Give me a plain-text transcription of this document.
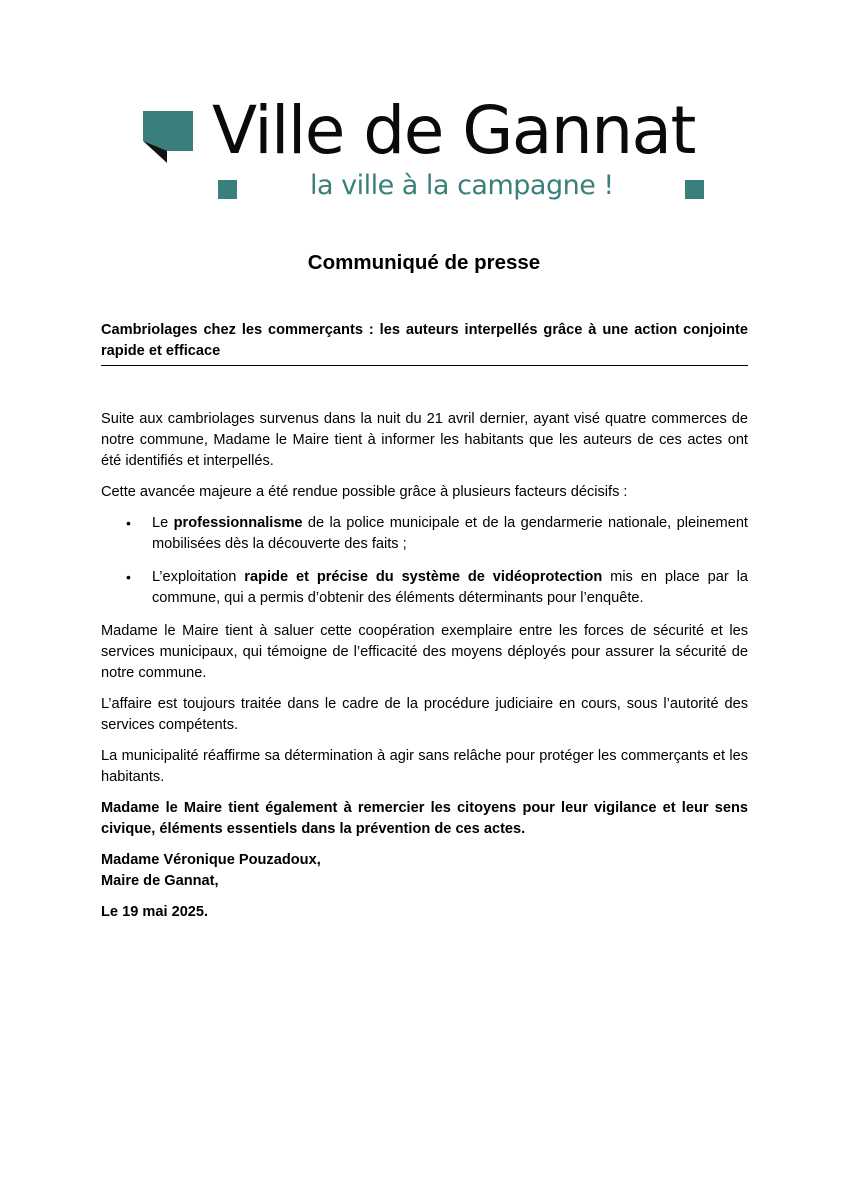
Ville de Gannat
la ville à la campagne !
Communiqué de presse

Cambriolages chez les commerçants : les auteurs interpellés grâce à une action conjointe rapide et efficace

Suite aux cambriolages survenus dans la nuit du 21 avril dernier, ayant visé quatre commerces de notre commune, Madame le Maire tient à informer les habitants que les auteurs de ces actes ont été identifiés et interpellés.

Cette avancée majeure a été rendue possible grâce à plusieurs facteurs décisifs :

• Le professionnalisme de la police municipale et de la gendarmerie nationale, pleinement mobilisées dès la découverte des faits ;
• L’exploitation rapide et précise du système de vidéoprotection mis en place par la commune, qui a permis d’obtenir des éléments déterminants pour l’enquête.

Madame le Maire tient à saluer cette coopération exemplaire entre les forces de sécurité et les services municipaux, qui témoigne de l’efficacité des moyens déployés pour assurer la sécurité de notre commune.

L’affaire est toujours traitée dans le cadre de la procédure judiciaire en cours, sous l’autorité des services compétents.

La municipalité réaffirme sa détermination à agir sans relâche pour protéger les commerçants et les habitants.

Madame le Maire tient également à remercier les citoyens pour leur vigilance et leur sens civique, éléments essentiels dans la prévention de ces actes.

Madame Véronique Pouzadoux,
Maire de Gannat,

Le 19 mai 2025.
